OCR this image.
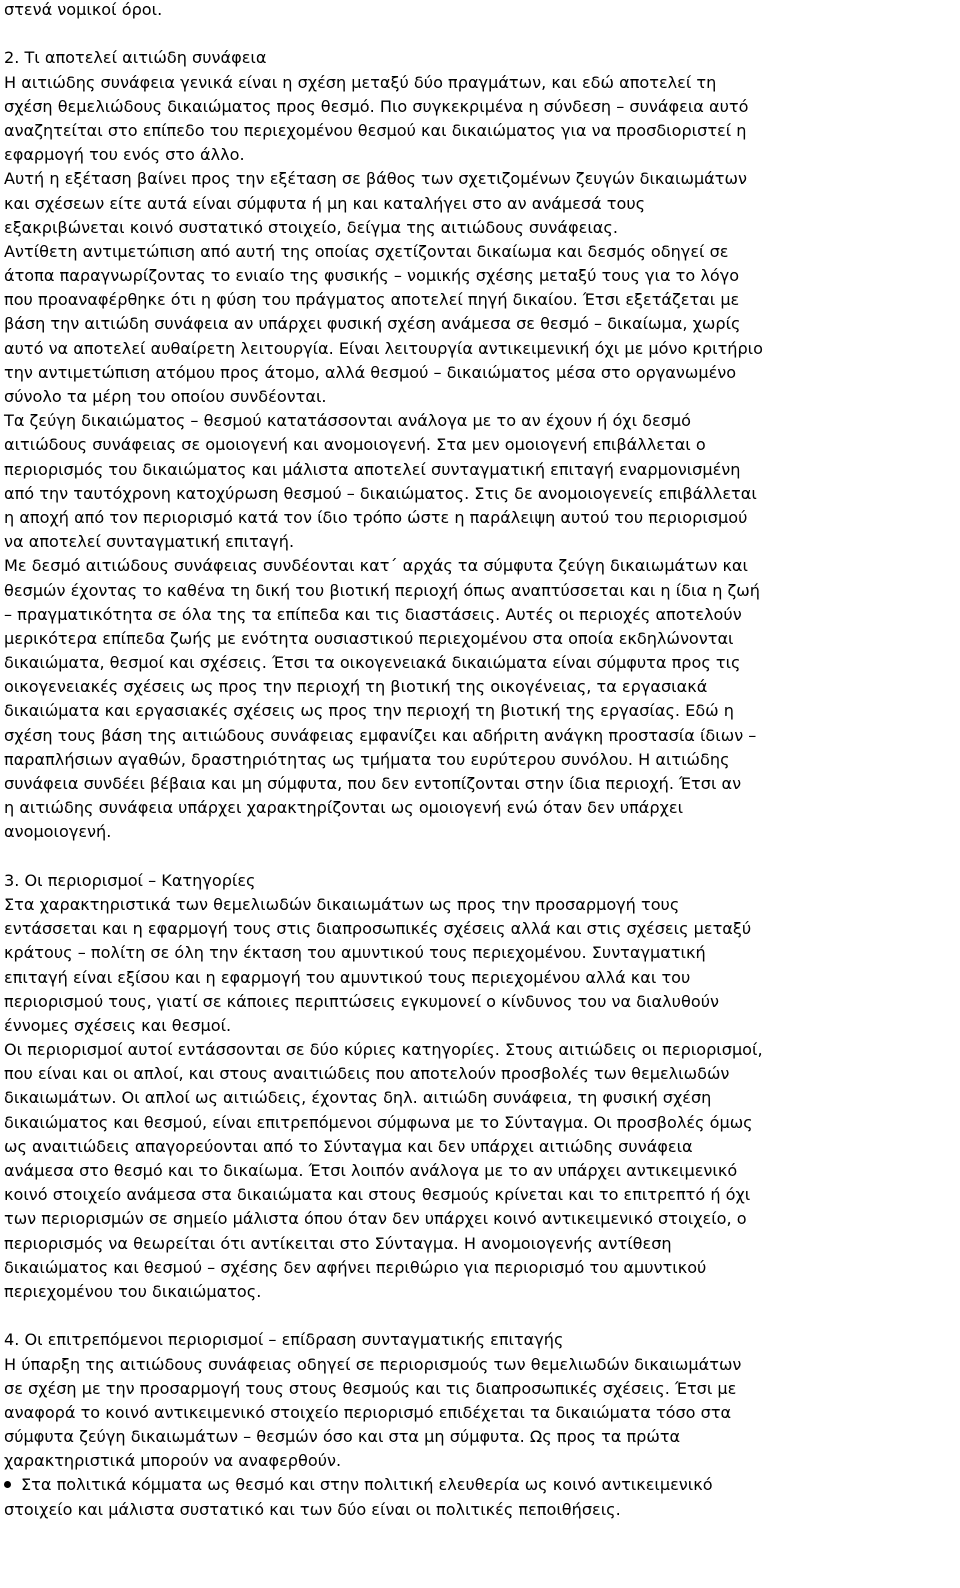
στενά νομικοί όροι.
2. Τι αποτελεί αιτιώδη συνάφεια
Η αιτιώδης συνάφεια γενικά είναι η σχέση μεταξύ δύο πραγμάτων, και εδώ αποτελεί τη
σχέση θεμελιώδους δικαιώματος προς θεσμό. Πιο συγκεκριμένα η σύνδεση – συνάφεια αυτό
αναζητείται στο επίπεδο του περιεχομένου θεσμού και δικαιώματος για να προσδιοριστεί η
εφαρμογή του ενός στο άλλο.
Αυτή η εξέταση βαίνει προς την εξέταση σε βάθος των σχετιζομένων ζευγών δικαιωμάτων
και σχέσεων είτε αυτά είναι σύμφυτα ή μη και καταλήγει στο αν ανάμεσά τους
εξακριβώνεται κοινό συστατικό στοιχείο, δείγμα της αιτιώδους συνάφειας.
Αντίθετη αντιμετώπιση από αυτή της οποίας σχετίζονται δικαίωμα και δεσμός οδηγεί σε
άτοπα παραγνωρίζοντας το ενιαίο της φυσικής – νομικής σχέσης μεταξύ τους για το λόγο
που προαναφέρθηκε ότι η φύση του πράγματος αποτελεί πηγή δικαίου. Έτσι εξετάζεται με
βάση την αιτιώδη συνάφεια αν υπάρχει φυσική σχέση ανάμεσα σε θεσμό – δικαίωμα, χωρίς
αυτό να αποτελεί αυθαίρετη λειτουργία. Είναι λειτουργία αντικειμενική όχι με μόνο κριτήριο
την αντιμετώπιση ατόμου προς άτομο, αλλά θεσμού – δικαιώματος μέσα στο οργανωμένο
σύνολο τα μέρη του οποίου συνδέονται.
Τα ζεύγη δικαιώματος – θεσμού κατατάσσονται ανάλογα με το αν έχουν ή όχι δεσμό
αιτιώδους συνάφειας σε ομοιογενή και ανομοιογενή. Στα μεν ομοιογενή επιβάλλεται ο
περιορισμός του δικαιώματος και μάλιστα αποτελεί συνταγματική επιταγή εναρμονισμένη
από την ταυτόχρονη κατοχύρωση θεσμού – δικαιώματος. Στις δε ανομοιογενείς επιβάλλεται
η αποχή από τον περιορισμό κατά τον ίδιο τρόπο ώστε η παράλειψη αυτού του περιορισμού
να αποτελεί συνταγματική επιταγή.
Με δεσμό αιτιώδους συνάφειας συνδέονται κατ΄ αρχάς τα σύμφυτα ζεύγη δικαιωμάτων και
θεσμών έχοντας το καθένα τη δική του βιοτική περιοχή όπως αναπτύσσεται και η ίδια η ζωή
– πραγματικότητα σε όλα της τα επίπεδα και τις διαστάσεις. Αυτές οι περιοχές αποτελούν
μερικότερα επίπεδα ζωής με ενότητα ουσιαστικού περιεχομένου στα οποία εκδηλώνονται
δικαιώματα, θεσμοί και σχέσεις. Έτσι τα οικογενειακά δικαιώματα είναι σύμφυτα προς τις
οικογενειακές σχέσεις ως προς την περιοχή τη βιοτική της οικογένειας, τα εργασιακά
δικαιώματα και εργασιακές σχέσεις ως προς την περιοχή τη βιοτική της εργασίας. Εδώ η
σχέση τους βάση της αιτιώδους συνάφειας εμφανίζει και αδήριτη ανάγκη προστασία ίδιων –
παραπλήσιων αγαθών, δραστηριότητας ως τμήματα του ευρύτερου συνόλου. Η αιτιώδης
συνάφεια συνδέει βέβαια και μη σύμφυτα, που δεν εντοπίζονται στην ίδια περιοχή. Έτσι αν
η αιτιώδης συνάφεια υπάρχει χαρακτηρίζονται ως ομοιογενή ενώ όταν δεν υπάρχει
ανομοιογενή.
3. Οι περιορισμοί – Κατηγορίες
Στα χαρακτηριστικά των θεμελιωδών δικαιωμάτων ως προς την προσαρμογή τους
εντάσσεται και η εφαρμογή τους στις διαπροσωπικές σχέσεις αλλά και στις σχέσεις μεταξύ
κράτους – πολίτη σε όλη την έκταση του αμυντικού τους περιεχομένου. Συνταγματική
επιταγή είναι εξίσου και η εφαρμογή του αμυντικού τους περιεχομένου αλλά και του
περιορισμού τους, γιατί σε κάποιες περιπτώσεις εγκυμονεί ο κίνδυνος του να διαλυθούν
έννομες σχέσεις και θεσμοί.
Οι περιορισμοί αυτοί εντάσσονται σε δύο κύριες κατηγορίες. Στους αιτιώδεις οι περιορισμοί,
που είναι και οι απλοί, και στους αναιτιώδεις που αποτελούν προσβολές των θεμελιωδών
δικαιωμάτων. Οι απλοί ως αιτιώδεις, έχοντας δηλ. αιτιώδη συνάφεια, τη φυσική σχέση
δικαιώματος και θεσμού, είναι επιτρεπόμενοι σύμφωνα με το Σύνταγμα. Οι προσβολές όμως
ως αναιτιώδεις απαγορεύονται από το Σύνταγμα και δεν υπάρχει αιτιώδης συνάφεια
ανάμεσα στο θεσμό και το δικαίωμα. Έτσι λοιπόν ανάλογα με το αν υπάρχει αντικειμενικό
κοινό στοιχείο ανάμεσα στα δικαιώματα και στους θεσμούς κρίνεται και το επιτρεπτό ή όχι
των περιορισμών σε σημείο μάλιστα όπου όταν δεν υπάρχει κοινό αντικειμενικό στοιχείο, ο
περιορισμός να θεωρείται ότι αντίκειται στο Σύνταγμα. Η ανομοιογενής αντίθεση
δικαιώματος και θεσμού – σχέσης δεν αφήνει περιθώριο για περιορισμό του αμυντικού
περιεχομένου του δικαιώματος.
4. Οι επιτρεπόμενοι περιορισμοί – επίδραση συνταγματικής επιταγής
Η ύπαρξη της αιτιώδους συνάφειας οδηγεί σε περιορισμούς των θεμελιωδών δικαιωμάτων
σε σχέση με την προσαρμογή τους στους θεσμούς και τις διαπροσωπικές σχέσεις. Έτσι με
αναφορά το κοινό αντικειμενικό στοιχείο περιορισμό επιδέχεται τα δικαιώματα τόσο στα
σύμφυτα ζεύγη δικαιωμάτων – θεσμών όσο και στα μη σύμφυτα. Ως προς τα πρώτα
χαρακτηριστικά μπορούν να αναφερθούν.
Στα πολιτικά κόμματα ως θεσμό και στην πολιτική ελευθερία ως κοινό αντικειμενικό
στοιχείο και μάλιστα συστατικό και των δύο είναι οι πολιτικές πεποιθήσεις.
